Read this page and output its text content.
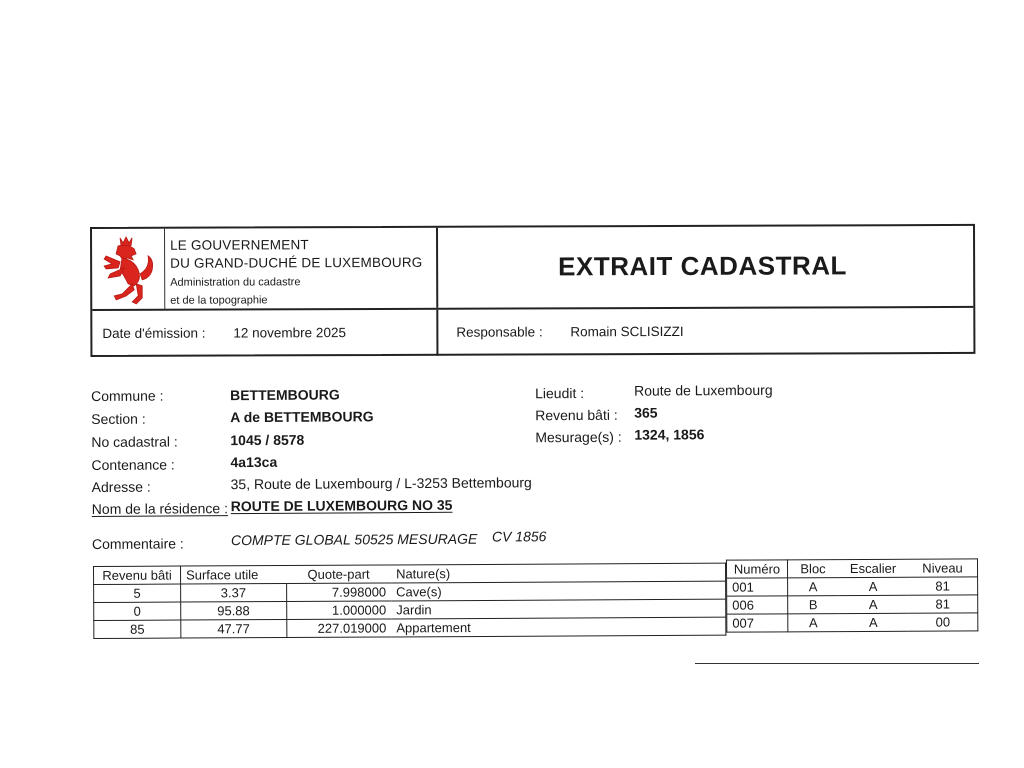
LE GOUVERNEMENT
DU GRAND-DUCHÉ DE LUXEMBOURG
Administration du cadastre
et de la topographie
EXTRAIT CADASTRAL
Date d'émission : 12 novembre 2025	Responsable : Romain SCLISIZZI
Commune :	BETTEMBOURG
Section :	A de BETTEMBOURG
No cadastral :	1045 / 8578
Contenance :	4a13ca
Adresse :	35, Route de Luxembourg / L-3253 Bettembourg
Nom de la résidence : ROUTE DE LUXEMBOURG NO 35
Lieudit :	Route de Luxembourg
Revenu bâti : 365
Mesurage(s) : 1324, 1856
Commentaire :	COMPTE GLOBAL 50525 MESURAGE CV 1856
Revenu bâti	Surface utile	Quote-part	Nature(s)
5	3.37	7.998000	Cave(s)
0	95.88	1.000000	Jardin
85	47.77	227.019000	Appartement
Numéro	Bloc	Escalier	Niveau
001	A	A	81
006	B	A	81
007	A	A	00
